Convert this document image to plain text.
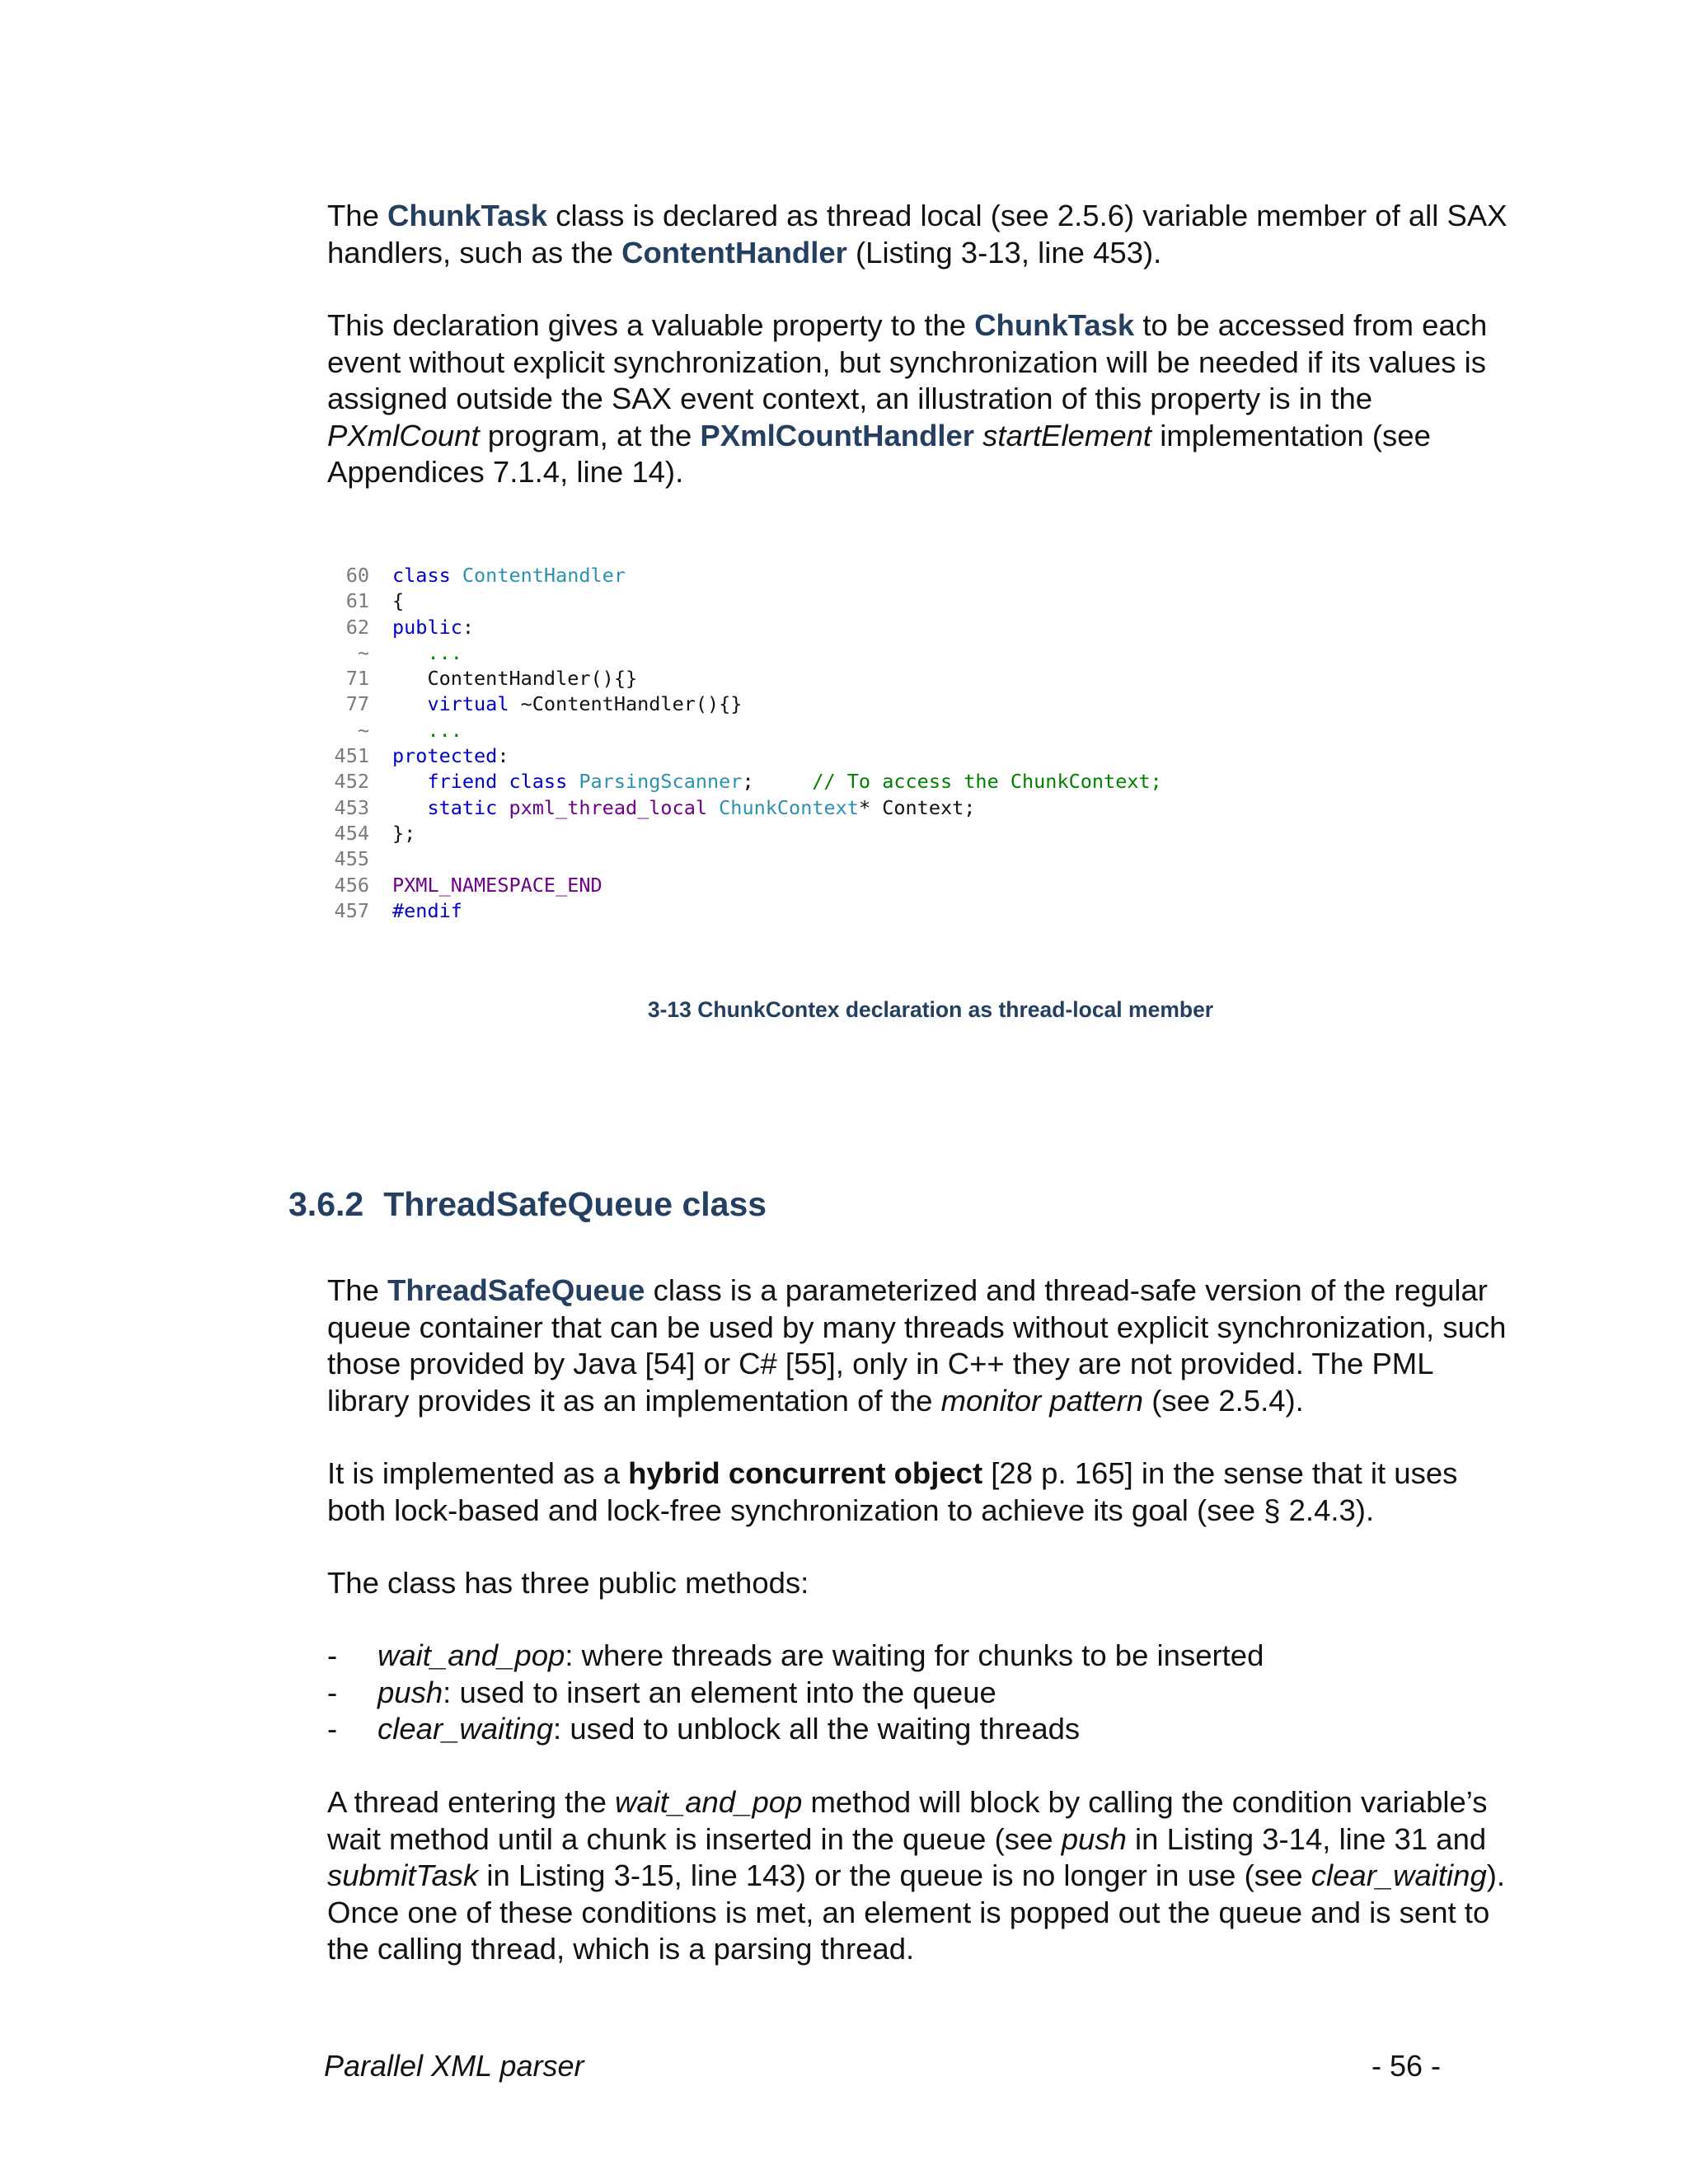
The ChunkTask class is declared as thread local (see 2.5.6) variable member of all SAX handlers, such as the ContentHandler (Listing 3-13, line 453).

This declaration gives a valuable property to the ChunkTask to be accessed from each event without explicit synchronization, but synchronization will be needed if its values is assigned outside the SAX event context, an illustration of this property is in the PXmlCount program, at the PXmlCountHandler startElement implementation (see Appendices 7.1.4, line 14).

60 class ContentHandler
61 {
62 public:
~   ...
71   ContentHandler(){}
77   virtual ~ContentHandler(){}
~   ...
451 protected:
452   friend class ParsingScanner;     // To access the ChunkContext;
453   static pxml_thread_local ChunkContext* Context;
454 };
455
456 PXML_NAMESPACE_END
457 #endif
3-13 ChunkContex declaration as thread-local member
3.6.2 ThreadSafeQueue class

The ThreadSafeQueue class is a parameterized and thread-safe version of the regular queue container that can be used by many threads without explicit synchronization, such those provided by Java [54] or C# [55], only in C++ they are not provided. The PML library provides it as an implementation of the monitor pattern (see 2.5.4).

It is implemented as a hybrid concurrent object [28 p. 165] in the sense that it uses both lock-based and lock-free synchronization to achieve its goal (see § 2.4.3).

The class has three public methods:

- wait_and_pop: where threads are waiting for chunks to be inserted
- push: used to insert an element into the queue
- clear_waiting: used to unblock all the waiting threads

A thread entering the wait_and_pop method will block by calling the condition variable’s wait method until a chunk is inserted in the queue (see push in Listing 3-14, line 31 and submitTask in Listing 3-15, line 143) or the queue is no longer in use (see clear_waiting). Once one of these conditions is met, an element is popped out the queue and is sent to the calling thread, which is a parsing thread.

Parallel XML parser	- 56 -
